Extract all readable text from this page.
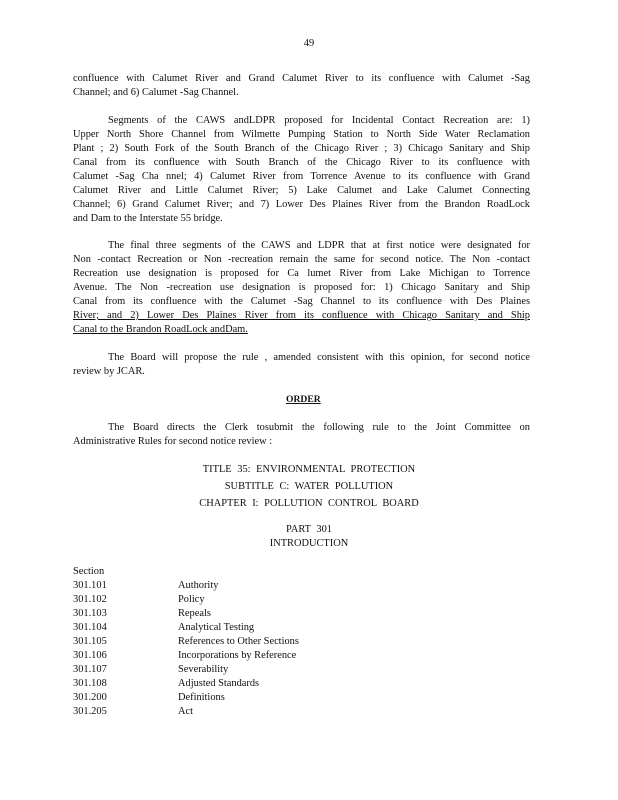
49

confluence with Calumet River and Grand Calumet River to its confluence with Calumet -Sag
Channel; and 6) Calumet -Sag Channel.

Segments of the CAWS andLDPR proposed for Incidental Contact Recreation are: 1)
Upper North Shore Channel from Wilmette Pumping Station to North Side Water Reclamation
Plant ; 2) South Fork of the South Branch of the Chicago River ; 3) Chicago Sanitary and Ship
Canal from its confluence with South Branch of the Chicago River to its confluence with
Calumet -Sag Cha nnel; 4) Calumet River from Torrence Avenue to its confluence with Grand
Calumet River and Little Calumet River; 5) Lake Calumet and Lake Calumet Connecting
Channel; 6) Grand Calumet River; and 7) Lower Des Plaines River from the Brandon RoadLock
and Dam to the Interstate 55 bridge.

The final three segments of the CAWS and LDPR that at first notice were designated for
Non -contact Recreation or Non -recreation remain the same for second notice. The Non -contact
Recreation use designation is proposed for Ca lumet River from Lake Michigan to Torrence
Avenue. The Non -recreation use designation is proposed for: 1) Chicago Sanitary and Ship
Canal from its confluence with the Calumet -Sag Channel to its confluence with Des Plaines
River; and 2) Lower Des Plaines River from its confluence with Chicago Sanitary and Ship
Canal to the Brandon RoadLock andDam.

The Board will propose the rule , amended consistent with this opinion, for second notice
review by JCAR.

ORDER

The Board directs the Clerk tosubmit the following rule to the Joint Committee on
Administrative Rules for second notice review :

TITLE 35: ENVIRONMENTAL PROTECTION
SUBTITLE C: WATER POLLUTION
CHAPTER I: POLLUTION CONTROL BOARD
PART 301
INTRODUCTION
Section
301.101	Authority
301.102	Policy
301.103	Repeals
301.104	Analytical Testing
301.105	References to Other Sections
301.106	Incorporations by Reference
301.107	Severability
301.108	Adjusted Standards
301.200	Definitions
301.205	Act
